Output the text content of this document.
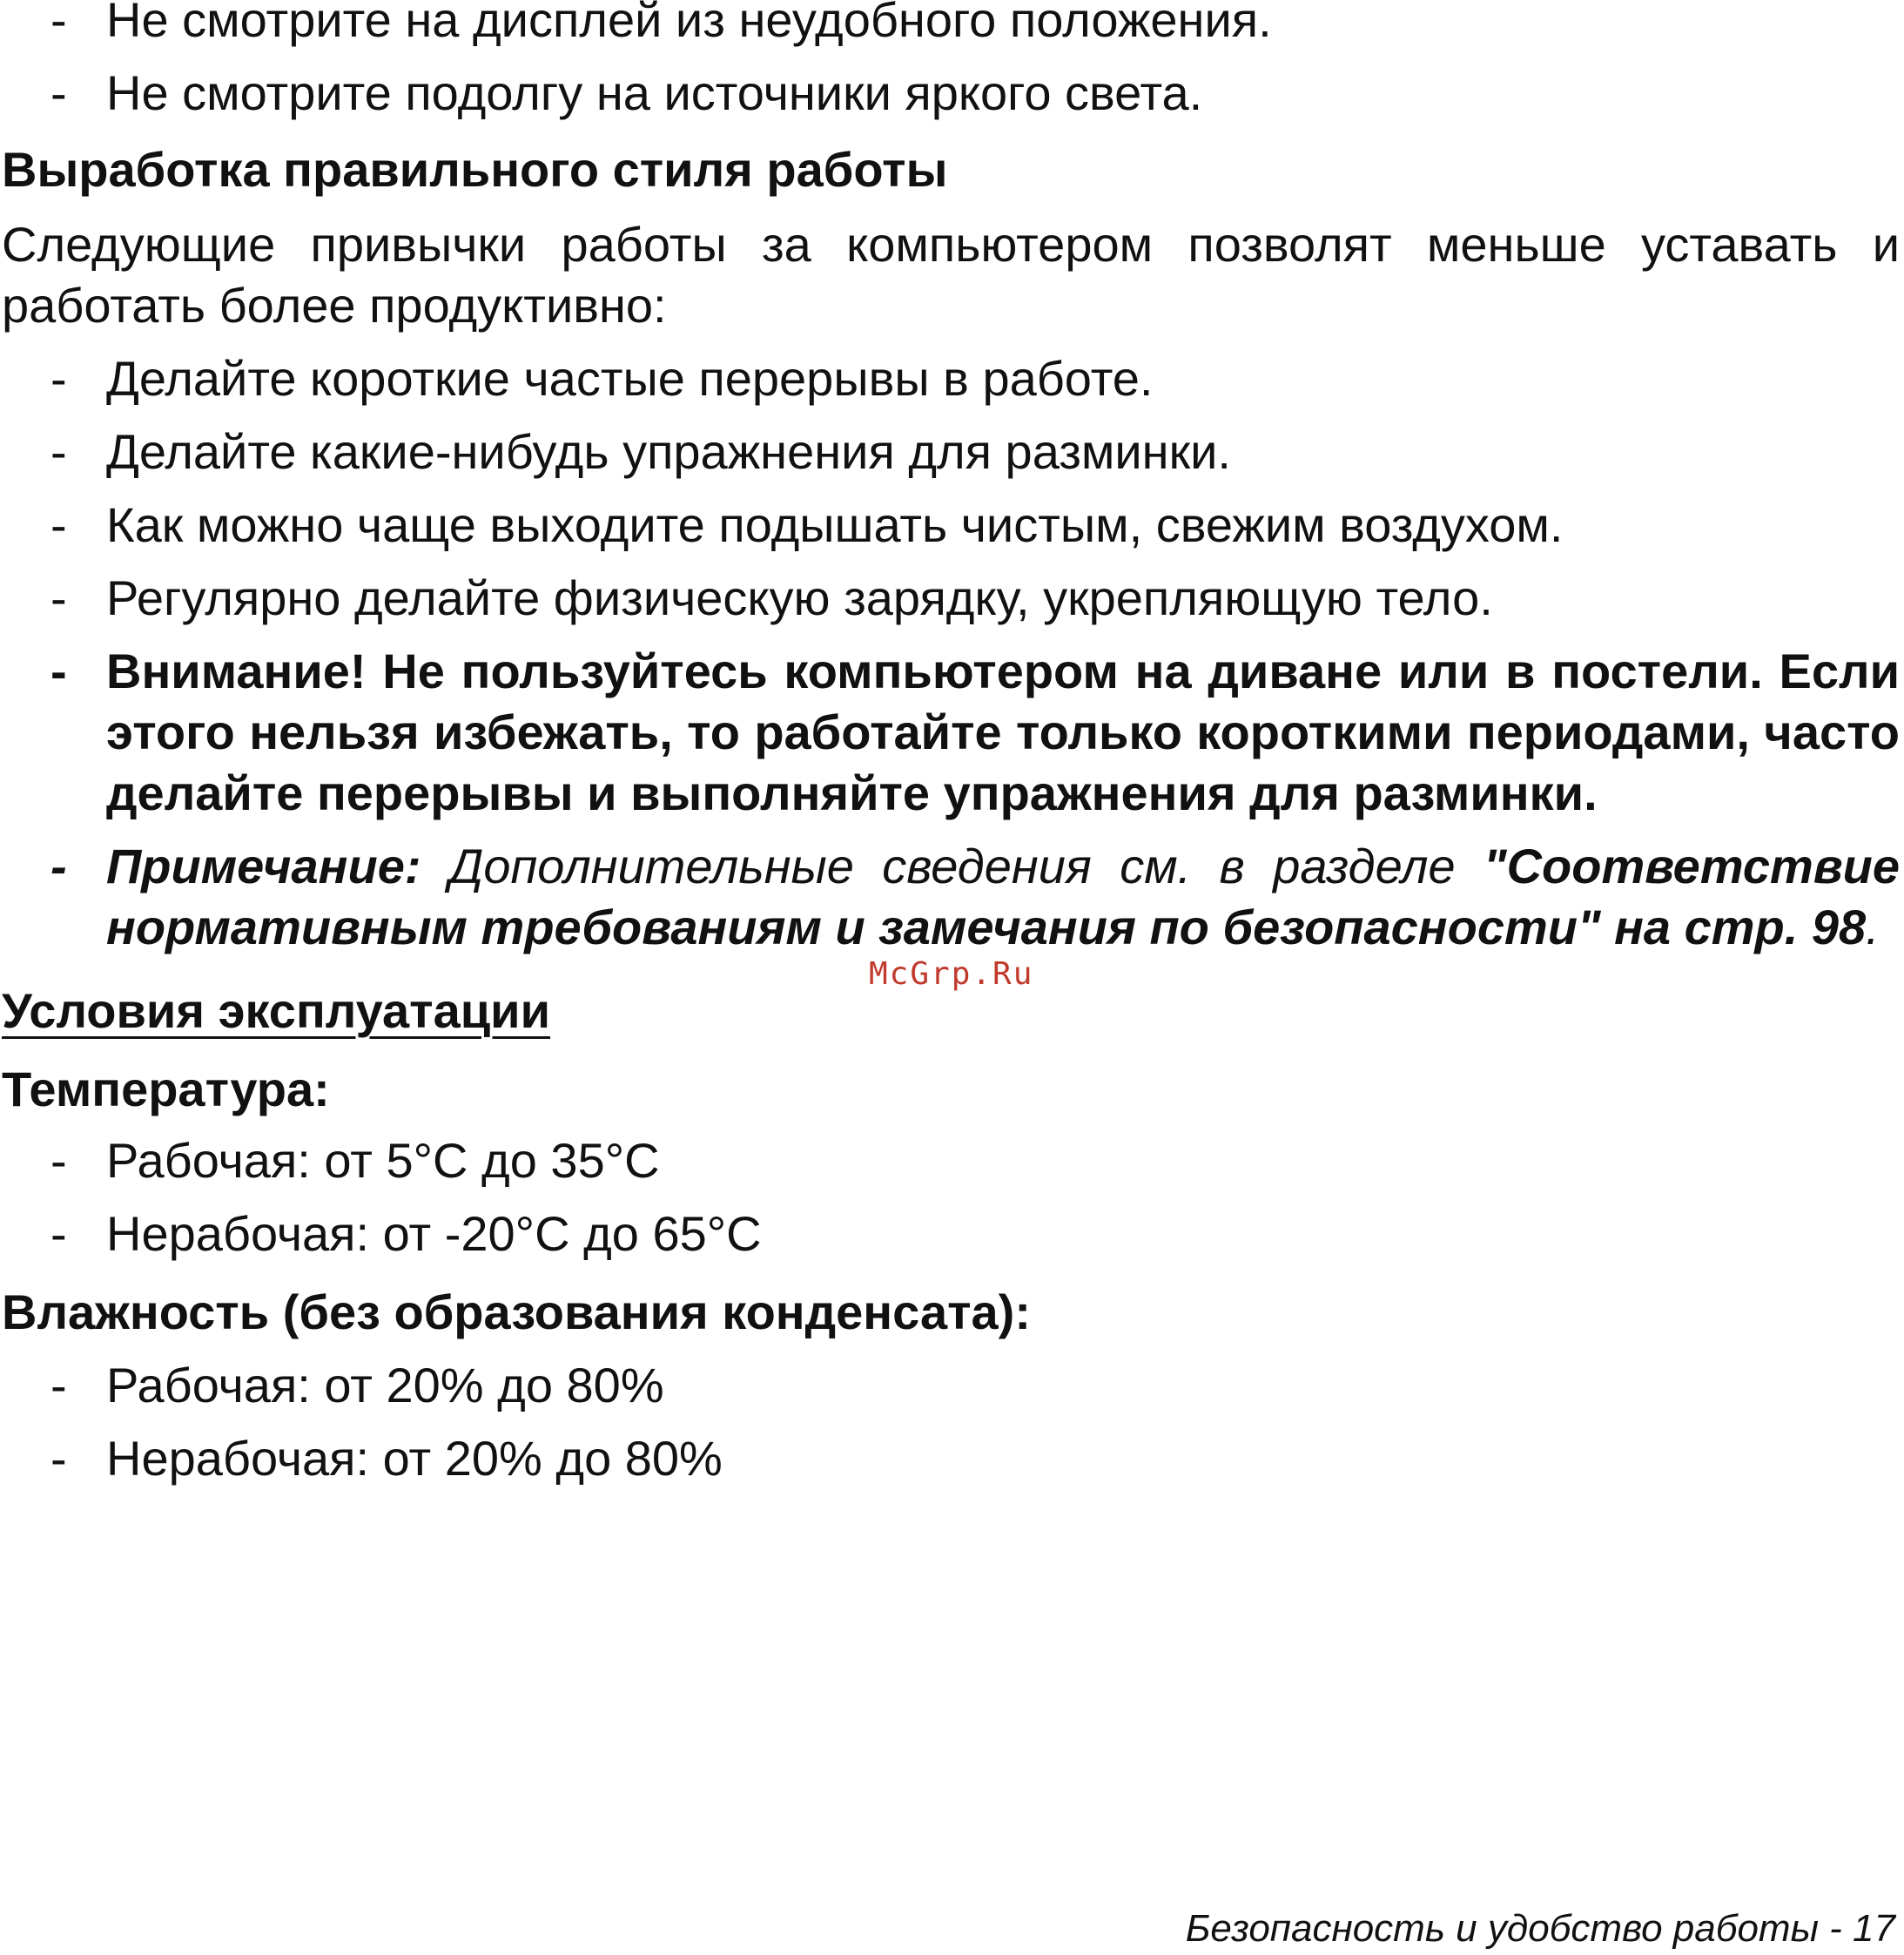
- Не смотрите на дисплей из неудобного положения.
- Не смотрите подолгу на источники яркого света.
Выработка правильного стиля работы
Следующие привычки работы за компьютером позволят меньше уставать и
работать более продуктивно:
- Делайте короткие частые перерывы в работе.
- Делайте какие-нибудь упражнения для разминки.
- Как можно чаще выходите подышать чистым, свежим воздухом.
- Регулярно делайте физическую зарядку, укрепляющую тело.
- Внимание! Не пользуйтесь компьютером на диване или в постели. Если
этого нельзя избежать, то работайте только короткими периодами, часто
делайте перерывы и выполняйте упражнения для разминки.
- Примечание: Дополнительные сведения см. в разделе "Соответствие
нормативным требованиям и замечания по безопасности" на стр. 98.
McGrp.Ru
Условия эксплуатации
Температура:
- Рабочая: от 5°C до 35°C
- Нерабочая: от -20°C до 65°C
Влажность (без образования конденсата):
- Рабочая: от 20% до 80%
- Нерабочая: от 20% до 80%
Безопасность и удобство работы - 17
